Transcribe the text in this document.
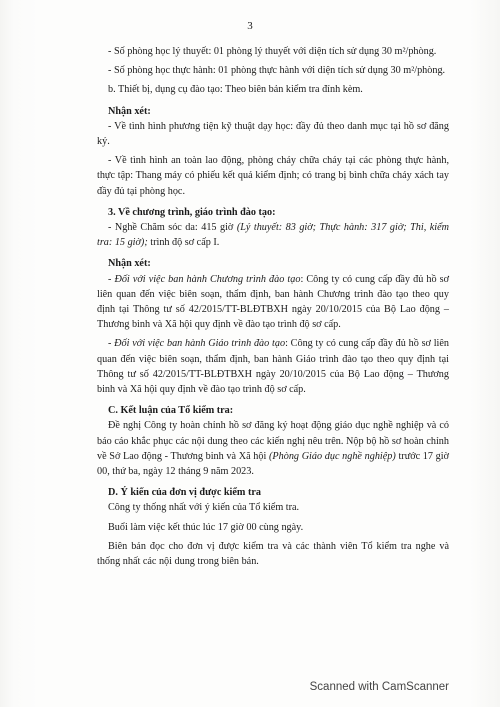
3

- Số phòng học lý thuyết: 01 phòng lý thuyết với diện tích sử dụng 30 m²/phòng.

- Số phòng học thực hành: 01 phòng thực hành với diện tích sử dụng 30 m²/phòng.

b. Thiết bị, dụng cụ đào tạo: Theo biên bản kiểm tra đính kèm.

Nhận xét:

- Về tình hình phương tiện kỹ thuật dạy học: đầy đủ theo danh mục tại hồ sơ đăng ký.

- Về tình hình an toàn lao động, phòng cháy chữa cháy tại các phòng thực hành, thực tập: Thang máy có phiếu kết quả kiểm định; có trang bị bình chữa cháy xách tay đầy đủ tại phòng học.

3. Về chương trình, giáo trình đào tạo:

- Nghề Chăm sóc da: 415 giờ (Lý thuyết: 83 giờ; Thực hành: 317 giờ; Thi, kiểm tra: 15 giờ); trình độ sơ cấp I.

Nhận xét:

- Đối với việc ban hành Chương trình đào tạo: Công ty có cung cấp đầy đủ hồ sơ liên quan đến việc biên soạn, thẩm định, ban hành Chương trình đào tạo theo quy định tại Thông tư số 42/2015/TT-BLĐTBXH ngày 20/10/2015 của Bộ Lao động – Thương binh và Xã hội quy định về đào tạo trình độ sơ cấp.

- Đối với việc ban hành Giáo trình đào tạo: Công ty có cung cấp đầy đủ hồ sơ liên quan đến việc biên soạn, thẩm định, ban hành Giáo trình đào tạo theo quy định tại Thông tư số 42/2015/TT-BLĐTBXH ngày 20/10/2015 của Bộ Lao động – Thương binh và Xã hội quy định về đào tạo trình độ sơ cấp.

C. Kết luận của Tổ kiểm tra:

Đề nghị Công ty hoàn chỉnh hồ sơ đăng ký hoạt động giáo dục nghề nghiệp và có báo cáo khắc phục các nội dung theo các kiến nghị nêu trên. Nộp bộ hồ sơ hoàn chỉnh về Sở Lao động - Thương binh và Xã hội (Phòng Giáo dục nghề nghiệp) trước 17 giờ 00, thứ ba, ngày 12 tháng 9 năm 2023.

D. Ý kiến của đơn vị được kiểm tra

Công ty thống nhất với ý kiến của Tổ kiểm tra.

Buổi làm việc kết thúc lúc 17 giờ 00 cùng ngày.

Biên bản đọc cho đơn vị được kiểm tra và các thành viên Tổ kiểm tra nghe và thống nhất các nội dung trong biên bản.

Scanned with CamScanner
